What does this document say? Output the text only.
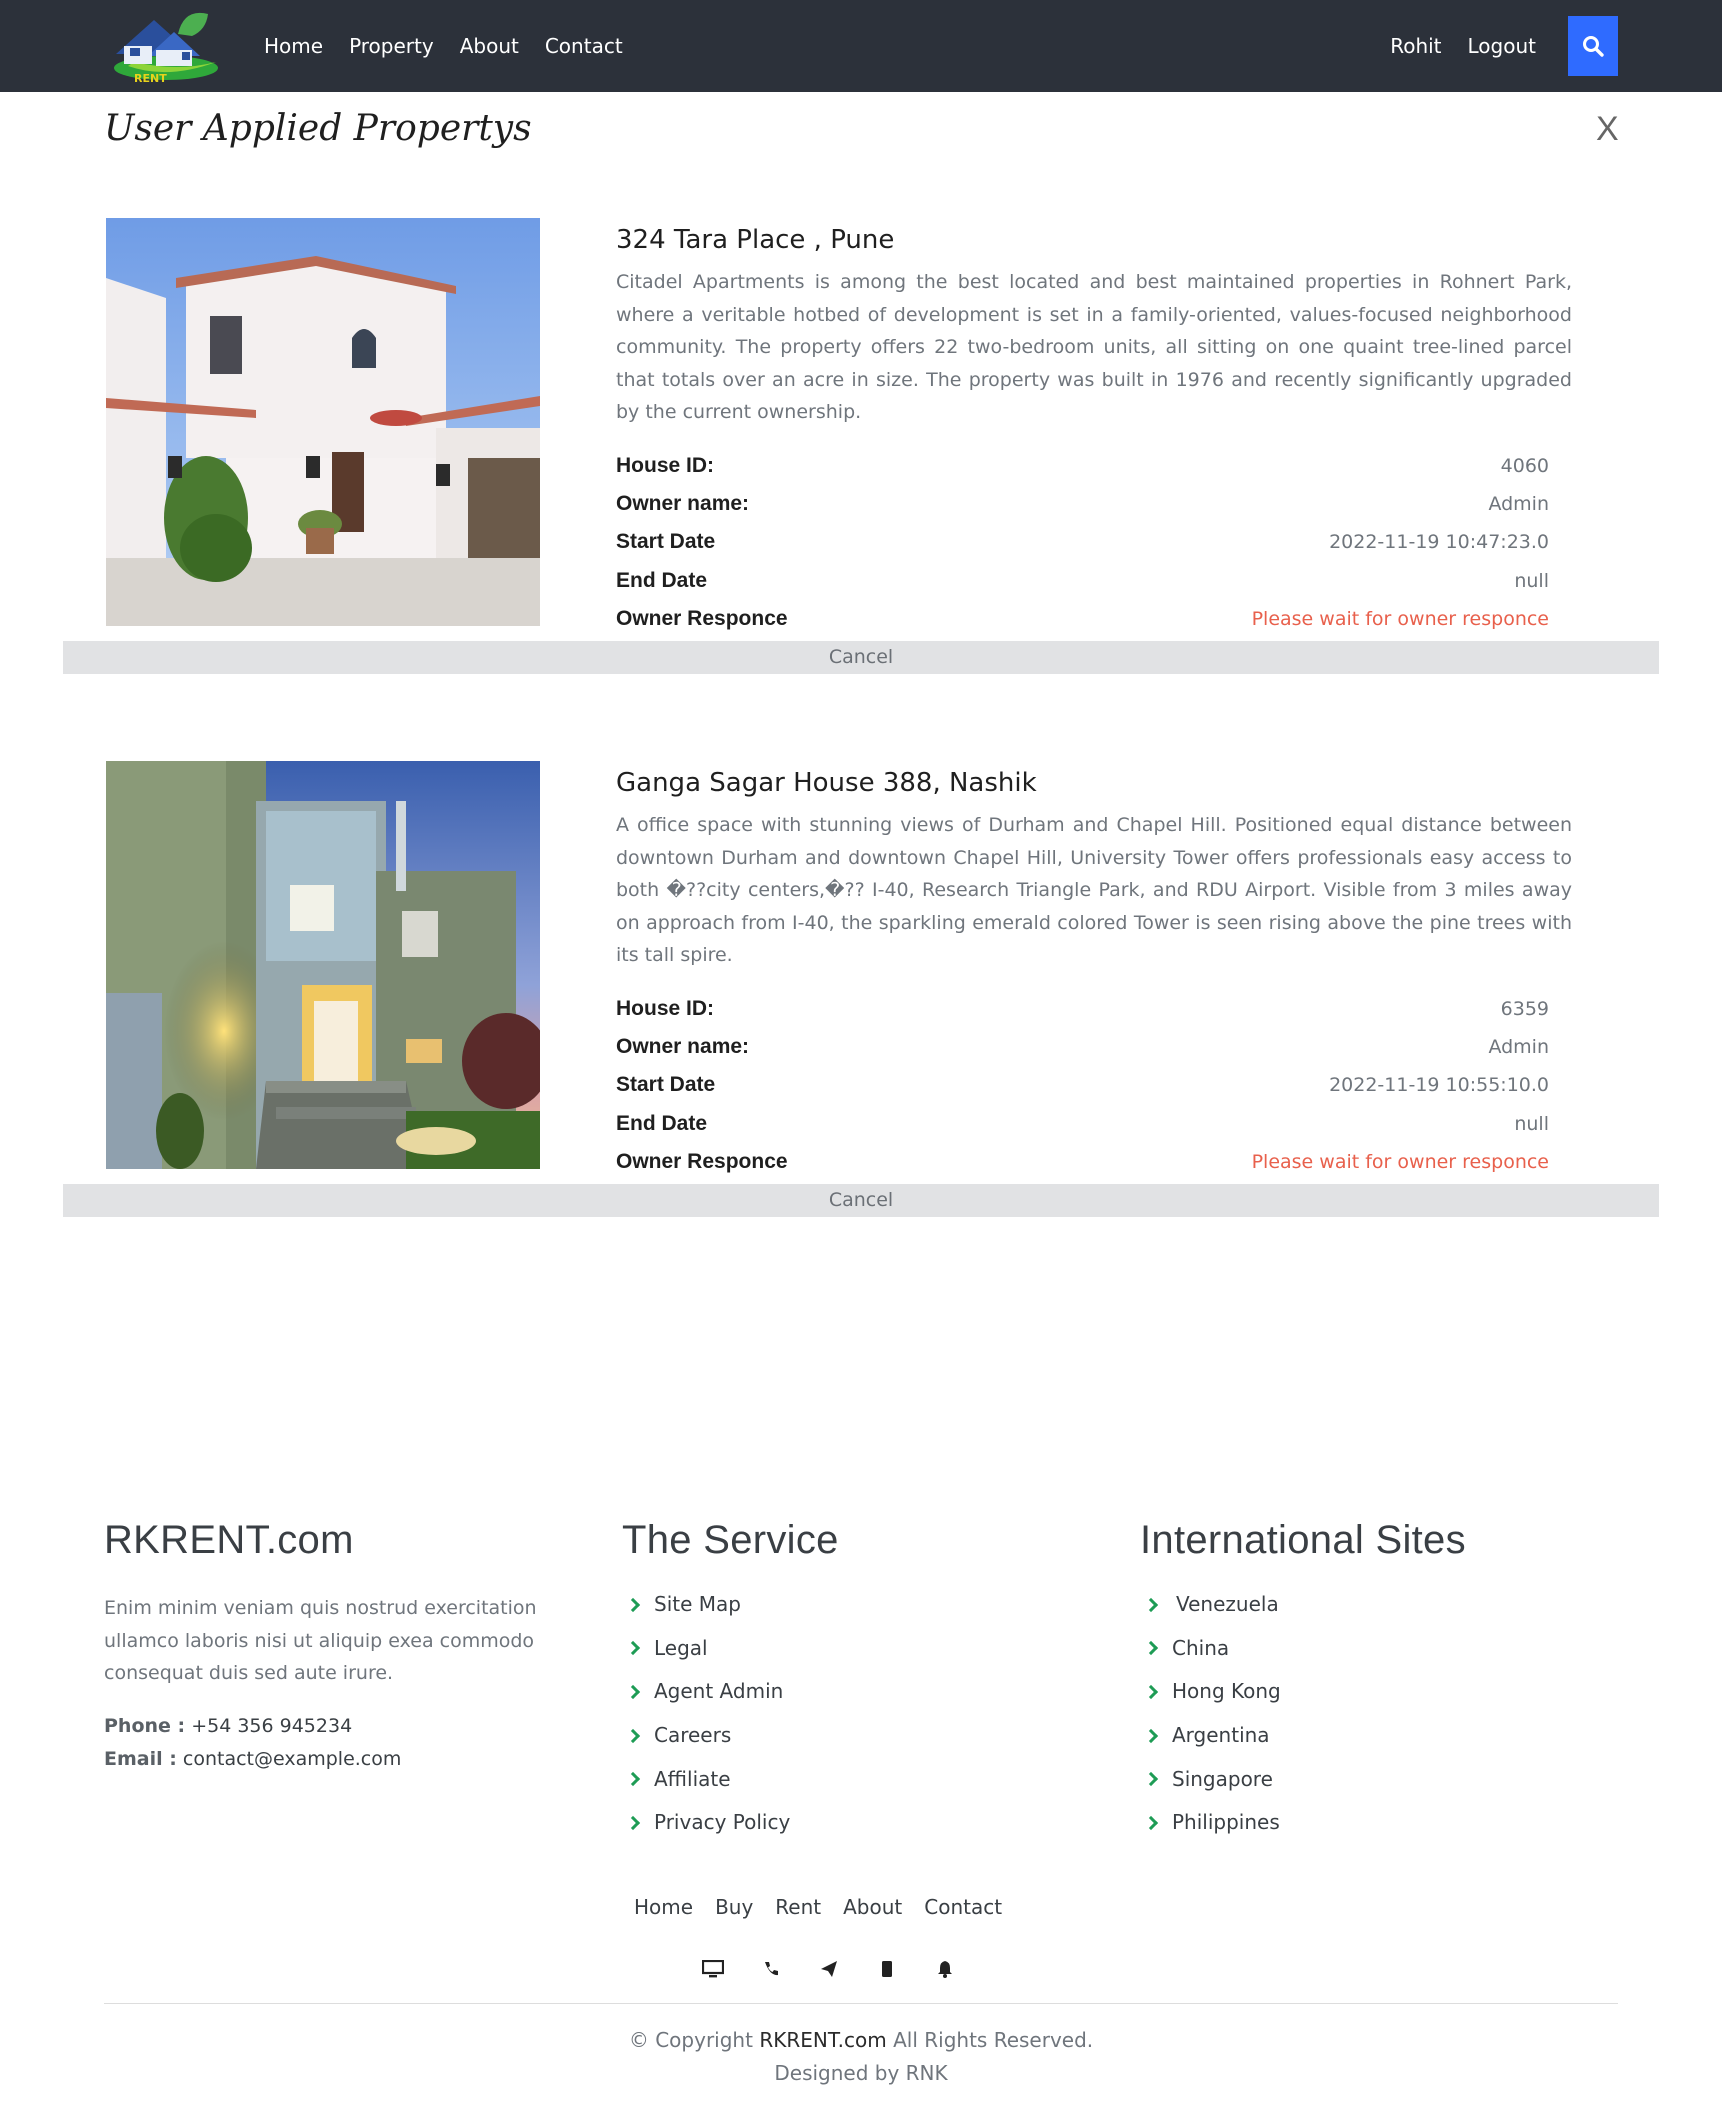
RENT
Home Property About Contact	Rohit Logout
User Applied Propertys	X
324 Tara Place , Pune
Citadel Apartments is among the best located and best maintained properties in Rohnert Park, where a veritable hotbed of development is set in a family-oriented, values-focused neighborhood community. The property offers 22 two-bedroom units, all sitting on one quaint tree-lined parcel that totals over an acre in size. The property was built in 1976 and recently significantly upgraded by the current ownership.
House ID:	4060
Owner name:	Admin
Start Date	2022-11-19 10:47:23.0
End Date	null
Owner Responce	Please wait for owner responce
Cancel
Ganga Sagar House 388, Nashik
A office space with stunning views of Durham and Chapel Hill. Positioned equal distance between downtown Durham and downtown Chapel Hill, University Tower offers professionals easy access to both �??city centers,�?? I-40, Research Triangle Park, and RDU Airport. Visible from 3 miles away on approach from I-40, the sparkling emerald colored Tower is seen rising above the pine trees with its tall spire.
House ID:	6359
Owner name:	Admin
Start Date	2022-11-19 10:55:10.0
End Date	null
Owner Responce	Please wait for owner responce
Cancel
RKRENT.com
Enim minim veniam quis nostrud exercitation ullamco laboris nisi ut aliquip exea commodo consequat duis sed aute irure.
Phone : +54 356 945234
Email : contact@example.com
The Service
Site Map
Legal
Agent Admin
Careers
Affiliate
Privacy Policy
International Sites
Venezuela
China
Hong Kong
Argentina
Singapore
Philippines
Home Buy Rent About Contact
© Copyright RKRENT.com All Rights Reserved.
Designed by RNK
